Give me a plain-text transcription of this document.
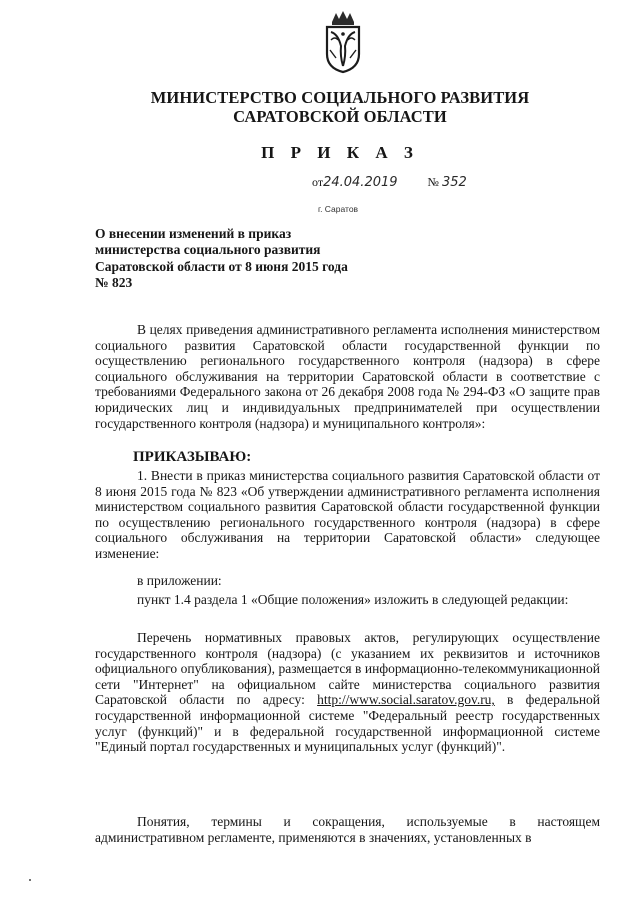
МИНИСТЕРСТВО СОЦИАЛЬНОГО РАЗВИТИЯ
САРАТОВСКОЙ ОБЛАСТИ
П Р И К А З
от24.04.2019	№ 352
г. Саратов
О внесении изменений в приказ
министерства социального развития
Саратовской области от 8 июня 2015 года
№ 823
В целях приведения административного регламента исполнения министерством социального развития Саратовской области государственной функции по осуществлению регионального государственного контроля (надзора) в сфере социального обслуживания на территории Саратовской области в соответствие с требованиями Федерального закона от 26 декабря 2008 года № 294-ФЗ «О защите прав юридических лиц и индивидуальных предпринимателей при осуществлении государственного контроля (надзора) и муниципального контроля»:
ПРИКАЗЫВАЮ:
1. Внести в приказ министерства социального развития Саратовской области от 8 июня 2015 года № 823 «Об утверждении административного регламента исполнения министерством социального развития Саратовской области государственной функции по осуществлению регионального государственного контроля (надзора) в сфере социального обслуживания на территории Саратовской области» следующее изменение:
в приложении:
пункт 1.4 раздела 1 «Общие положения» изложить в следующей редакции:
Перечень нормативных правовых актов, регулирующих осуществление государственного контроля (надзора) (с указанием их реквизитов и источников официального опубликования), размещается в информационно-телекоммуникационной сети "Интернет" на официальном сайте министерства социального развития Саратовской области по адресу: http://www.social.saratov.gov.ru, в федеральной государственной информационной системе "Федеральный реестр государственных услуг (функций)" и в федеральной государственной информационной системе "Единый портал государственных и муниципальных услуг (функций)".
Понятия, термины и сокращения, используемые в настоящем административном регламенте, применяются в значениях, установленных в
